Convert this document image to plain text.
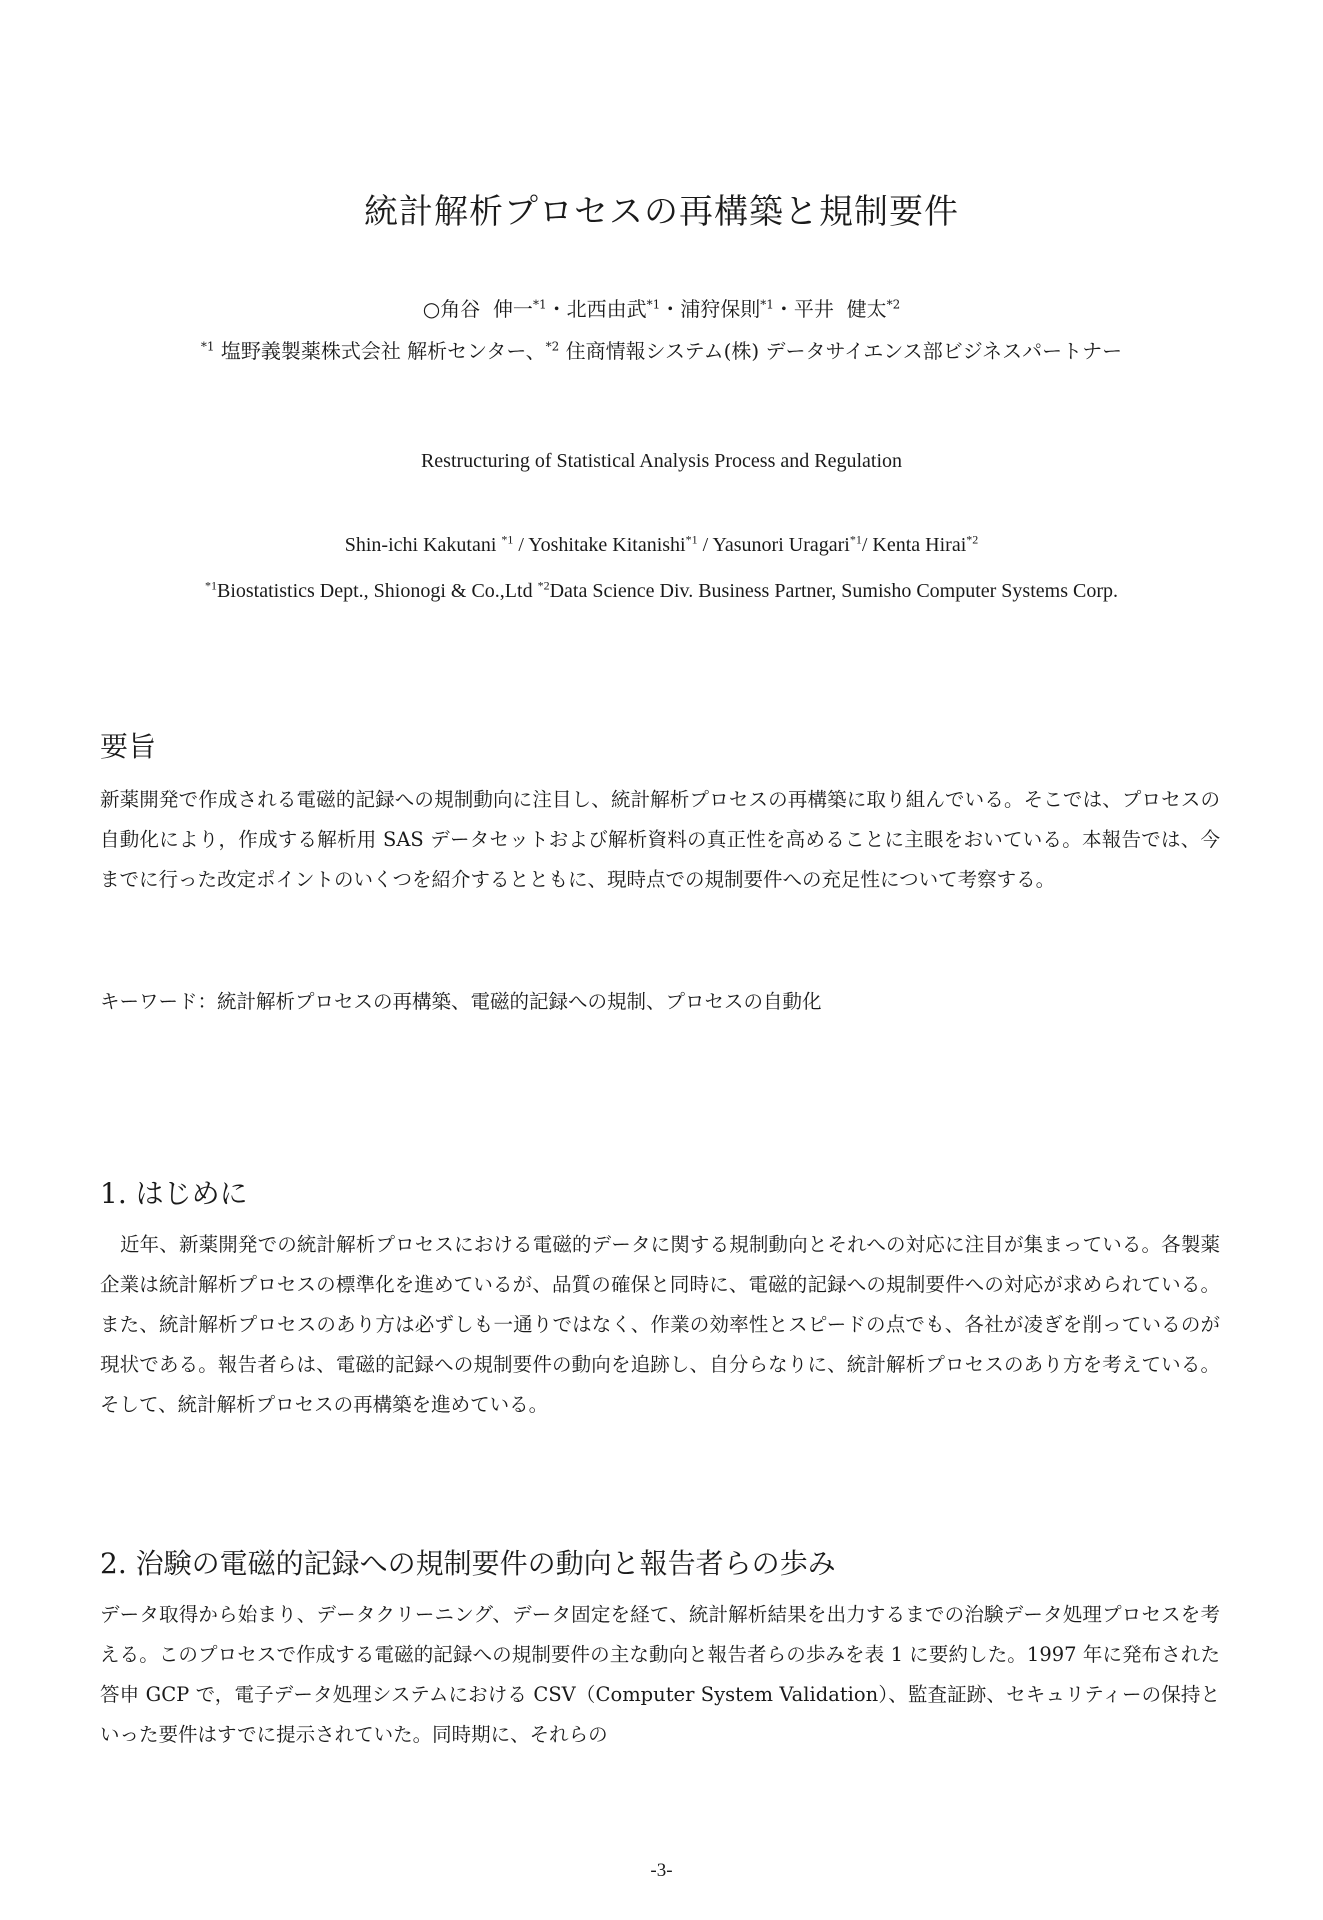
統計解析プロセスの再構築と規制要件
○角谷 伸一$^{*1}$・北西由武$^{*1}$・浦狩保則$^{*1}$・平井 健太$^{*2}$
$^{*1}$ 塩野義製薬株式会社 解析センター、$^{*2}$ 住商情報システム(株) データサイエンス部ビジネスパートナー
Restructuring of Statistical Analysis Process and Regulation
Shin-ichi Kakutani $^{*1}$ / Yoshitake Kitanishi$^{*1}$ / Yasunori Uragari$^{*1}$/ Kenta Hirai$^{*2}$
$^{*1}$Biostatistics Dept., Shionogi & Co.,Ltd $^{*2}$Data Science Div. Business Partner, Sumisho Computer Systems Corp.
要旨
新薬開発で作成される電磁的記録への規制動向に注目し、統計解析プロセスの再構築に取り組んでいる。そこでは、プロセスの自動化により，作成する解析用 SAS データセットおよび解析資料の真正性を高めることに主眼をおいている。本報告では、今までに行った改定ポイントのいくつを紹介するとともに、現時点での規制要件への充足性について考察する。
キーワード：統計解析プロセスの再構築、電磁的記録への規制、プロセスの自動化
1. はじめに
近年、新薬開発での統計解析プロセスにおける電磁的データに関する規制動向とそれへの対応に注目が集まっている。各製薬企業は統計解析プロセスの標準化を進めているが、品質の確保と同時に、電磁的記録への規制要件への対応が求められている。また、統計解析プロセスのあり方は必ずしも一通りではなく、作業の効率性とスピードの点でも、各社が凌ぎを削っているのが現状である。報告者らは、電磁的記録への規制要件の動向を追跡し、自分らなりに、統計解析プロセスのあり方を考えている。そして、統計解析プロセスの再構築を進めている。
2. 治験の電磁的記録への規制要件の動向と報告者らの歩み
データ取得から始まり、データクリーニング、データ固定を経て、統計解析結果を出力するまでの治験データ処理プロセスを考える。このプロセスで作成する電磁的記録への規制要件の主な動向と報告者らの歩みを表 1 に要約した。1997 年に発布された答申 GCP で，電子データ処理システムにおける CSV（Computer System Validation）、監査証跡、セキュリティーの保持といった要件はすでに提示されていた。同時期に、それらの
-3-
